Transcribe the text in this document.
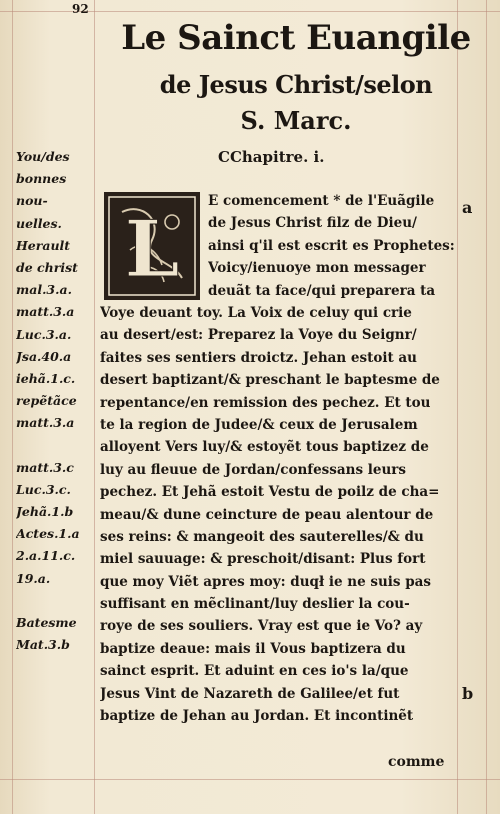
92
Le Sainct Euangile
de Jesus Christ/selon
S. Marc.
CChapitre. i.
You/des
bonnes
nou-
uelles.
Herault
de christ
mal.3.a.
matt.3.a
Luc.3.a.
Jsa.40.a
iehã.1.c.
repẽtãce
matt.3.a
matt.3.c
Luc.3.c.
Jehã.1.b
Actes.1.a
2.a.11.c.
19.a.
Batesme
Mat.3.b
L
E comencement * de l'Euãgile
de Jesus Christ filz de Dieu/
ainsi q'il est escrit es Prophetes:
Voicy/ienuoye mon messager
deuãt ta face/qui preparera ta
Voye deuant toy. La Voix de celuy qui crie
au desert/est: Preparez la Voye du Seignr/
faites ses sentiers droictz. Jehan estoit au
desert baptizant/& preschant le baptesme de
repentance/en remission des pechez. Et tou
te la region de Judee/& ceux de Jerusalem
alloyent Vers luy/& estoyẽt tous baptizez de
luy au fleuue de Jordan/confessans leurs
pechez. Et Jehã estoit Vestu de poilz de cha=
meau/& dune ceincture de peau alentour de
ses reins: & mangeoit des sauterelles/& du
miel sauuage: & preschoit/disant: Plus fort
que moy Viẽt apres moy: duqł ie ne suis pas
suffisant en mẽclinant/luy deslier la cou-
roye de ses souliers. Vray est que ie Vo? ay
baptize deaue: mais il Vous baptizera du
sainct esprit. Et aduint en ces io's la/que
Jesus Vint de Nazareth de Galilee/et fut
baptize de Jehan au Jordan. Et incontinẽt
a
b
comme
